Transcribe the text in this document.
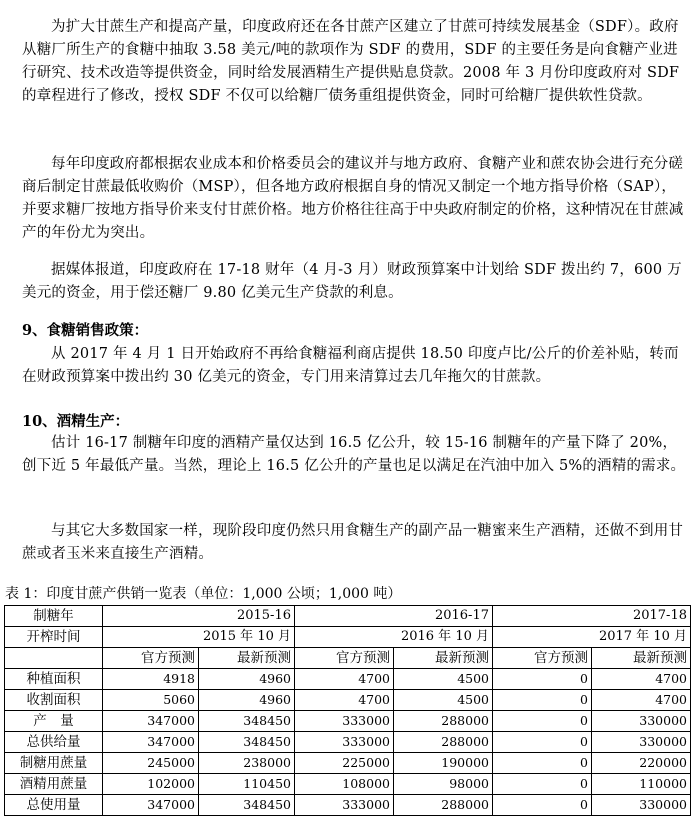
为扩大甘蔗生产和提高产量，印度政府还在各甘蔗产区建立了甘蔗可持续发展基金（SDF）。政府从糖厂所生产的食糖中抽取 3.58 美元/吨的款项作为 SDF 的费用，SDF 的主要任务是向食糖产业进行研究、技术改造等提供资金，同时给发展酒精生产提供贴息贷款。2008 年 3 月份印度政府对 SDF 的章程进行了修改，授权 SDF 不仅可以给糖厂债务重组提供资金，同时可给糖厂提供软性贷款。

每年印度政府都根据农业成本和价格委员会的建议并与地方政府、食糖产业和蔗农协会进行充分磋商后制定甘蔗最低收购价（MSP），但各地方政府根据自身的情况又制定一个地方指导价格（SAP），并要求糖厂按地方指导价来支付甘蔗价格。地方价格往往高于中央政府制定的价格，这种情况在甘蔗减产的年份尤为突出。

据媒体报道，印度政府在 17-18 财年（4 月-3 月）财政预算案中计划给 SDF 拨出约 7，600 万美元的资金，用于偿还糖厂 9.80 亿美元生产贷款的利息。

9、食糖销售政策：

从 2017 年 4 月 1 日开始政府不再给食糖福利商店提供 18.50 印度卢比/公斤的价差补贴，转而在财政预算案中拨出约 30 亿美元的资金，专门用来清算过去几年拖欠的甘蔗款。

10、酒精生产：

估计 16-17 制糖年印度的酒精产量仅达到 16.5 亿公升，较 15-16 制糖年的产量下降了 20%，创下近 5 年最低产量。当然，理论上 16.5 亿公升的产量也足以满足在汽油中加入 5%的酒精的需求。

与其它大多数国家一样，现阶段印度仍然只用食糖生产的副产品一糖蜜来生产酒精，还做不到用甘蔗或者玉米来直接生产酒精。

表 1：印度甘蔗产供销一览表（单位：1,000 公顷；1,000 吨）

制糖年	2015-16		2016-17		2017-18	
开榨时间	2015 年 10 月		2016 年 10 月		2017 年 10 月	
	官方预测	最新预测	官方预测	最新预测	官方预测	最新预测
种植面积	4918	4960	4700	4500	0	4700
收割面积	5060	4960	4700	4500	0	4700
产　量	347000	348450	333000	288000	0	330000
总供给量	347000	348450	333000	288000	0	330000
制糖用蔗量	245000	238000	225000	190000	0	220000
酒精用蔗量	102000	110450	108000	98000	0	110000
总使用量	347000	348450	333000	288000	0	330000
